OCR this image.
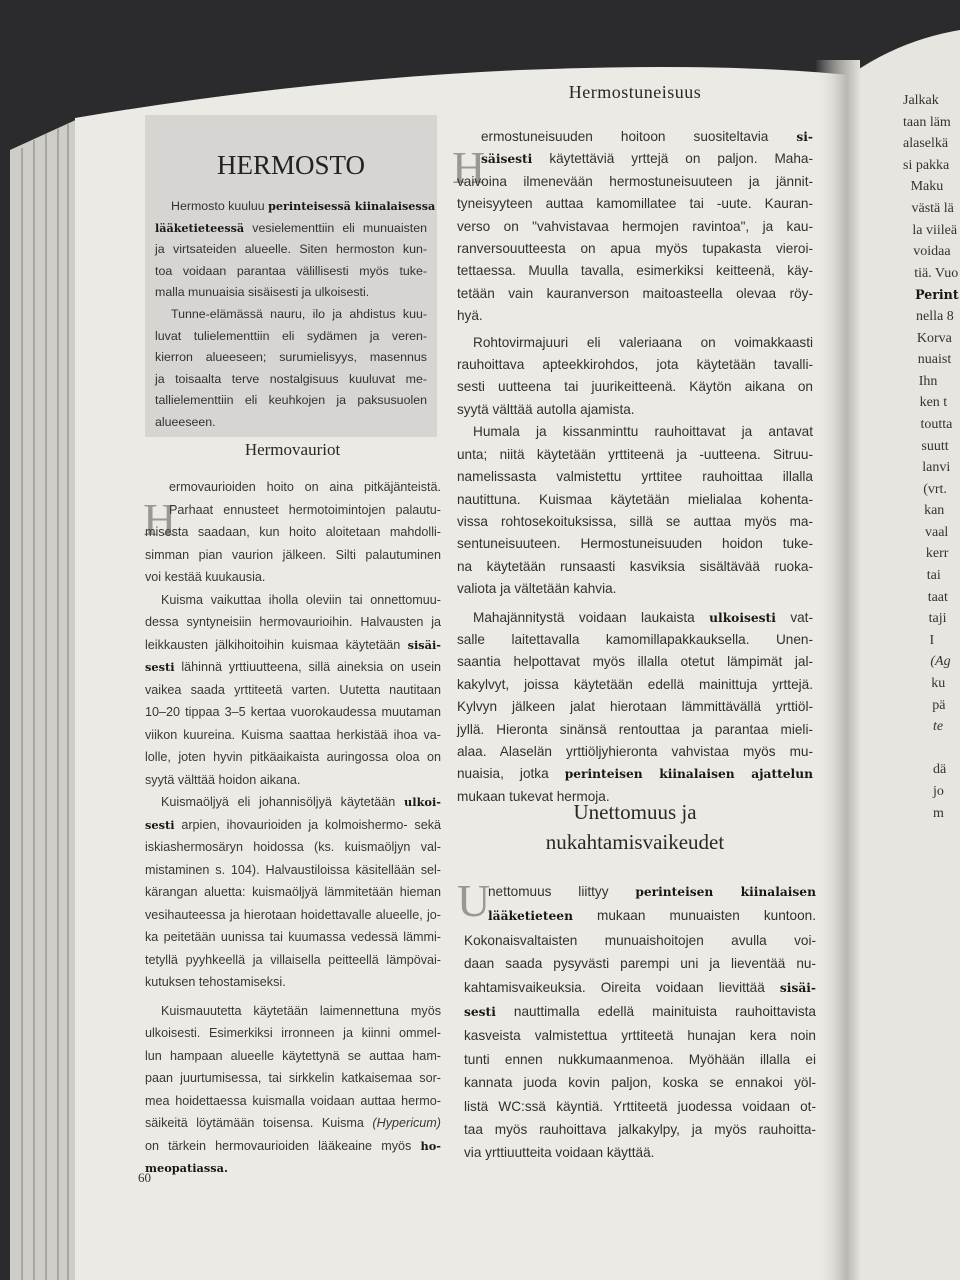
HERMOSTO
Hermosto kuuluu perinteisessä kiinalaisessa
lääketieteessä vesielementtiin eli munuaisten
ja virtsateiden alueelle. Siten hermoston kun-
toa voidaan parantaa välillisesti myös tuke-
malla munuaisia sisäisesti ja ulkoisesti.
Tunne-elämässä nauru, ilo ja ahdistus kuu-
luvat tulielementtiin eli sydämen ja veren-
kierron alueeseen; surumielisyys, masennus
ja toisaalta terve nostalgisuus kuuluvat me-
tallielementtiin eli keuhkojen ja paksusuolen
alueeseen.
Hermovauriot
H
ermovaurioiden hoito on aina pitkäjänteistä.
Parhaat ennusteet hermotoimintojen palautu-
misesta saadaan, kun hoito aloitetaan mahdolli-
simman pian vaurion jälkeen. Silti palautuminen
voi kestää kuukausia.
Kuisma vaikuttaa iholla oleviin tai onnettomuu-
dessa syntyneisiin hermovaurioihin. Halvausten ja
leikkausten jälkihoitoihin kuismaa käytetään sisäi-
sesti lähinnä yrttiuutteena, sillä aineksia on usein
vaikea saada yrttiteetä varten. Uutetta nautitaan
10–20 tippaa 3–5 kertaa vuorokaudessa muutaman
viikon kuureina. Kuisma saattaa herkistää ihoa va-
lolle, joten hyvin pitkäaikaista auringossa oloa on
syytä välttää hoidon aikana.
Kuismaöljyä eli johannisöljyä käytetään ulkoi-
sesti arpien, ihovaurioiden ja kolmoishermo- sekä
iskiashermosäryn hoidossa (ks. kuismaöljyn val-
mistaminen s. 104). Halvaustiloissa käsitellään sel-
kärangan aluetta: kuismaöljyä lämmitetään hieman
vesihauteessa ja hierotaan hoidettavalle alueelle, jo-
ka peitetään uunissa tai kuumassa vedessä lämmi-
tetyllä pyyhkeellä ja villaisella peitteellä lämpövai-
kutuksen tehostamiseksi.
Kuismauutetta käytetään laimennettuna myös
ulkoisesti. Esimerkiksi irronneen ja kiinni ommel-
lun hampaan alueelle käytettynä se auttaa ham-
paan juurtumisessa, tai sirkkelin katkaisemaa sor-
mea hoidettaessa kuismalla voidaan auttaa hermo-
säikeitä löytämään toisensa. Kuisma (Hypericum)
on tärkein hermovaurioiden lääkeaine myös ho-
meopatiassa.
Hermostuneisuus
H
ermostuneisuuden hoitoon suositeltavia si-
säisesti käytettäviä yrttejä on paljon. Maha-
vaivoina ilmenevään hermostuneisuuteen ja jännit-
tyneisyyteen auttaa kamomillatee tai -uute. Kauran-
verso on "vahvistavaa hermojen ravintoa", ja kau-
ranversouutteesta on apua myös tupakasta vieroi-
tettaessa. Muulla tavalla, esimerkiksi keitteenä, käy-
tetään vain kauranverson maitoasteella olevaa röy-
hyä.
Rohtovirmajuuri eli valeriaana on voimakkaasti
rauhoittava apteekkirohdos, jota käytetään tavalli-
sesti uutteena tai juurikeitteenä. Käytön aikana on
syytä välttää autolla ajamista.
Humala ja kissanminttu rauhoittavat ja antavat
unta; niitä käytetään yrttiteenä ja -uutteena. Sitruu-
namelissasta valmistettu yrttitee rauhoittaa illalla
nautittuna. Kuismaa käytetään mielialaa kohenta-
vissa rohtosekoituksissa, sillä se auttaa myös ma-
sentuneisuuteen. Hermostuneisuuden hoidon tuke-
na käytetään runsaasti kasviksia sisältävää ruoka-
valiota ja vältetään kahvia.
Mahajännitystä voidaan laukaista ulkoisesti vat-
salle laitettavalla kamomillapakkauksella. Unen-
saantia helpottavat myös illalla otetut lämpimät jal-
kakylvyt, joissa käytetään edellä mainittuja yrttejä.
Kylvyn jälkeen jalat hierotaan lämmittävällä yrttiöl-
jyllä. Hieronta sinänsä rentouttaa ja parantaa mieli-
alaa. Alaselän yrttiöljyhieronta vahvistaa myös mu-
nuaisia, jotka perinteisen kiinalaisen ajattelun
mukaan tukevat hermoja.
Unettomuus ja
nukahtamisvaikeudet
U
nettomuus liittyy perinteisen kiinalaisen
lääketieteen mukaan munuaisten kuntoon.
Kokonaisvaltaisten munuaishoitojen avulla voi-
daan saada pysyvästi parempi uni ja lieventää nu-
kahtamisvaikeuksia. Oireita voidaan lievittää sisäi-
sesti nauttimalla edellä mainituista rauhoittavista
kasveista valmistettua yrttiteetä hunajan kera noin
tunti ennen nukkumaanmenoa. Myöhään illalla ei
kannata juoda kovin paljon, koska se ennakoi yöl-
listä WC:ssä käyntiä. Yrttiteetä juodessa voidaan ot-
taa myös rauhoittava jalkakylpy, ja myös rauhoitta-
via yrttiuutteita voidaan käyttää.
Jalkak
taan läm
alaselkä
si pakka
Maku
västä lä
la viileä
voidaa
tiä. Vuo
Perint
nella 8
Korva
nuaist
Ihn
ken t
toutta
suutt
lanvi
(vrt.
kan
vaal
kerr
tai
taat
taji
I
(Ag
ku
pä
te
dä
jo
m
60
